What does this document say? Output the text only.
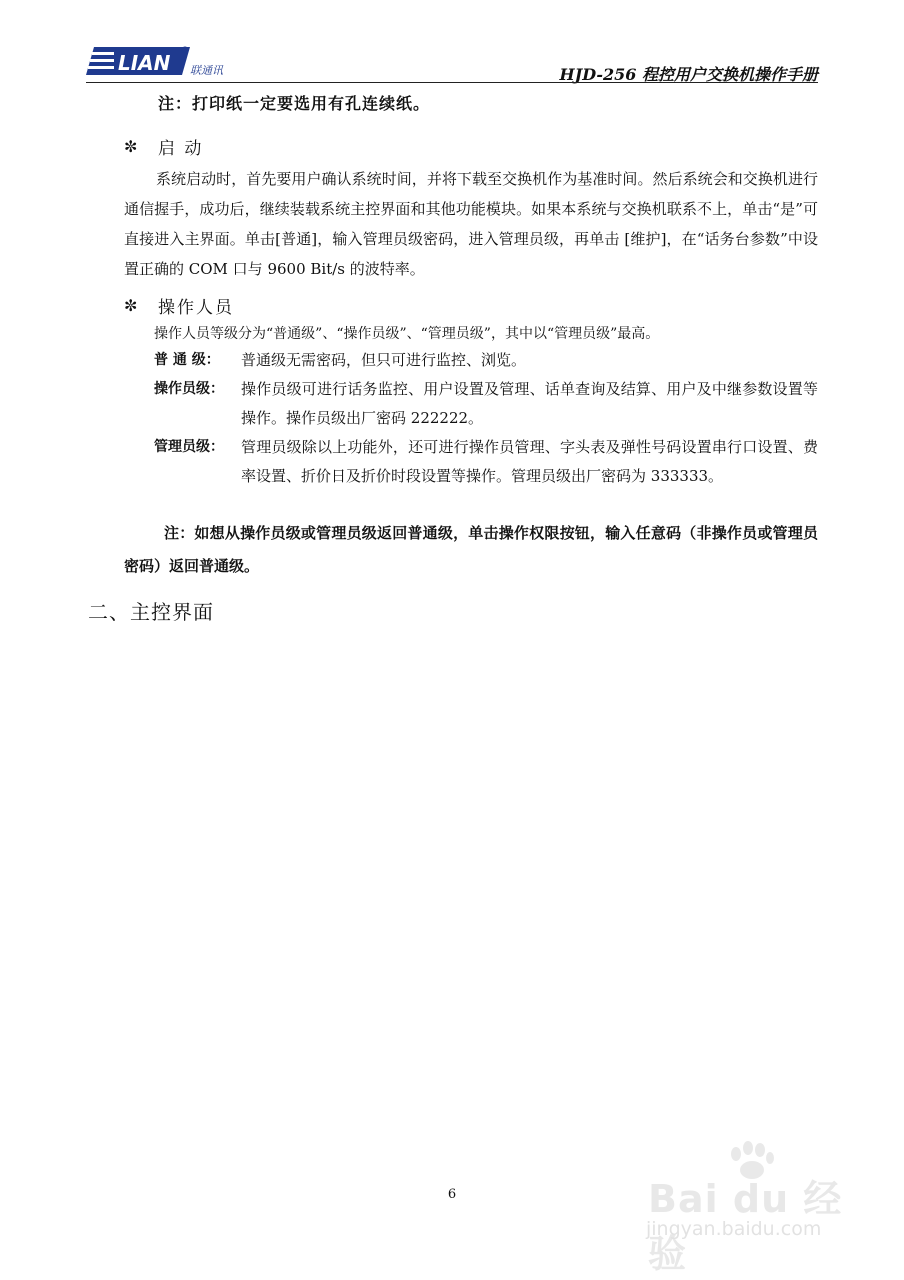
LIAN 联通讯	HJD-256 程控用户交换机操作手册
注：打印纸一定要选用有孔连续纸。
✼	启 动
系统启动时，首先要用户确认系统时间，并将下载至交换机作为基准时间。然后系统会和交换机进行通信握手，成功后，继续装载系统主控界面和其他功能模块。如果本系统与交换机联系不上，单击“是”可直接进入主界面。单击[普通]，输入管理员级密码，进入管理员级，再单击 [维护]，在“话务台参数”中设置正确的 COM 口与 9600 Bit/s 的波特率。
✼	操作人员
操作人员等级分为“普通级”、“操作员级”、“管理员级”，其中以“管理员级”最高。
普 通 级：	普通级无需密码，但只可进行监控、浏览。
操作员级：	操作员级可进行话务监控、用户设置及管理、话单查询及结算、用户及中继参数设置等操作。操作员级出厂密码 222222。
管理员级：	管理员级除以上功能外，还可进行操作员管理、字头表及弹性号码设置串行口设置、费率设置、折价日及折价时段设置等操作。管理员级出厂密码为 333333。
注：如想从操作员级或管理员级返回普通级，单击操作权限按钮，输入任意码（非操作员或管理员密码）返回普通级。
二、主控界面
6	Bai du 经验
jingyan.baidu.com
